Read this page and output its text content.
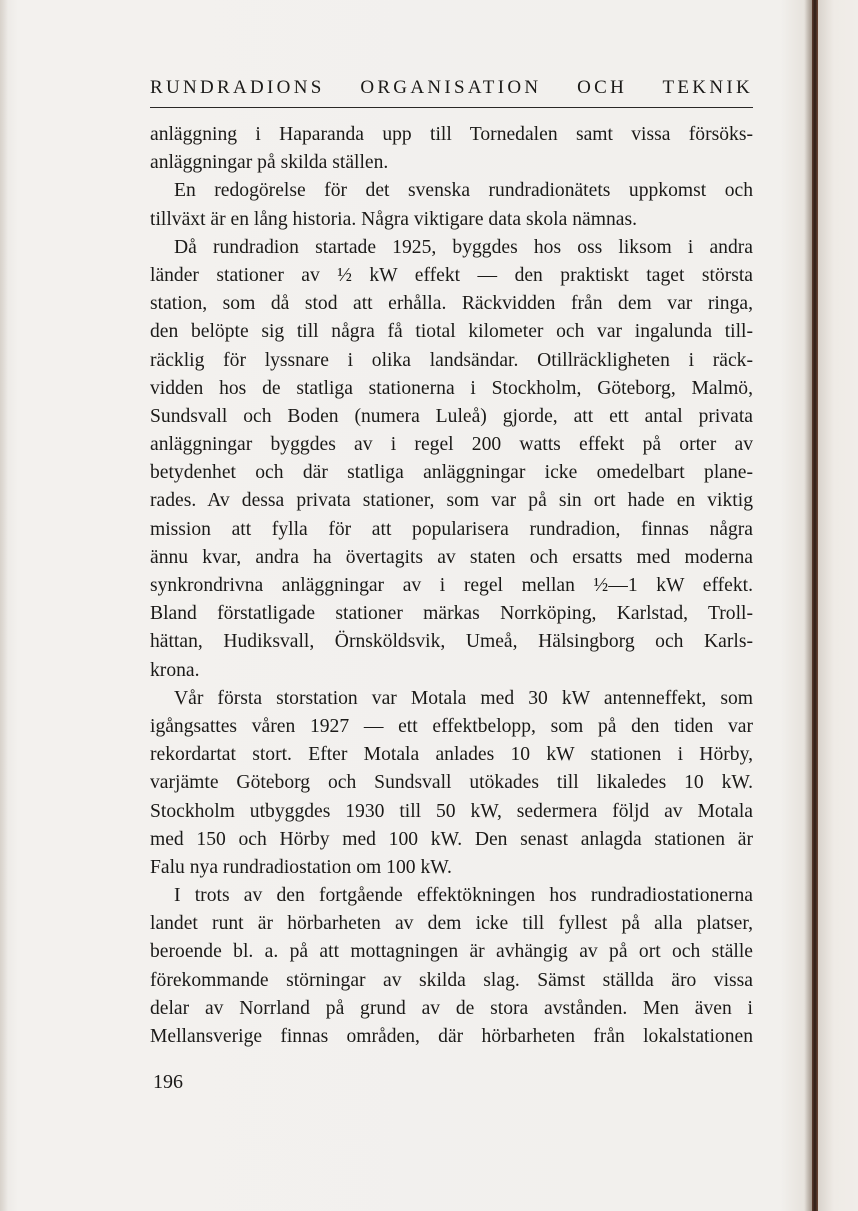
RUNDRADIONS ORGANISATION OCH TEKNIK
anläggning i Haparanda upp till Tornedalen samt vissa försöks-
anläggningar på skilda ställen.
En redogörelse för det svenska rundradionätets uppkomst och
tillväxt är en lång historia. Några viktigare data skola nämnas.
Då rundradion startade 1925, byggdes hos oss liksom i andra
länder stationer av ½ kW effekt — den praktiskt taget största
station, som då stod att erhålla. Räckvidden från dem var ringa,
den belöpte sig till några få tiotal kilometer och var ingalunda till-
räcklig för lyssnare i olika landsändar. Otillräckligheten i räck-
vidden hos de statliga stationerna i Stockholm, Göteborg, Malmö,
Sundsvall och Boden (numera Luleå) gjorde, att ett antal privata
anläggningar byggdes av i regel 200 watts effekt på orter av
betydenhet och där statliga anläggningar icke omedelbart plane-
rades. Av dessa privata stationer, som var på sin ort hade en viktig
mission att fylla för att popularisera rundradion, finnas några
ännu kvar, andra ha övertagits av staten och ersatts med moderna
synkrondrivna anläggningar av i regel mellan ½—1 kW effekt.
Bland förstatligade stationer märkas Norrköping, Karlstad, Troll-
hättan, Hudiksvall, Örnsköldsvik, Umeå, Hälsingborg och Karls-
krona.
Vår första storstation var Motala med 30 kW antenneffekt, som
igångsattes våren 1927 — ett effektbelopp, som på den tiden var
rekordartat stort. Efter Motala anlades 10 kW stationen i Hörby,
varjämte Göteborg och Sundsvall utökades till likaledes 10 kW.
Stockholm utbyggdes 1930 till 50 kW, sedermera följd av Motala
med 150 och Hörby med 100 kW. Den senast anlagda stationen är
Falu nya rundradiostation om 100 kW.
I trots av den fortgående effektökningen hos rundradiostationerna
landet runt är hörbarheten av dem icke till fyllest på alla platser,
beroende bl. a. på att mottagningen är avhängig av på ort och ställe
förekommande störningar av skilda slag. Sämst ställda äro vissa
delar av Norrland på grund av de stora avstånden. Men även i
Mellansverige finnas områden, där hörbarheten från lokalstationen
196
